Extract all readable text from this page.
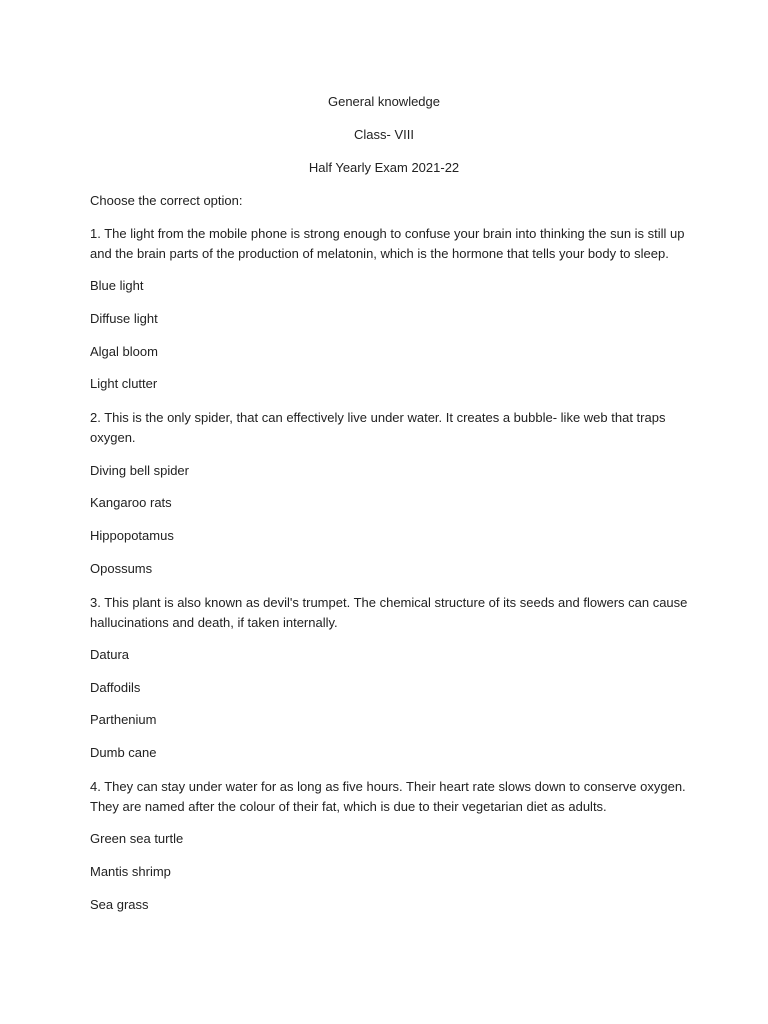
General knowledge
Class- VIII
Half Yearly Exam 2021-22
Choose the correct option:
1. The light from the mobile phone is strong enough to confuse your brain into thinking the sun is still up and the brain parts of the production of melatonin, which is the hormone that tells your body to sleep.
Blue light
Diffuse light
Algal bloom
Light clutter
2. This is the only spider, that can effectively live under water. It creates a bubble- like web that traps oxygen.
Diving bell spider
Kangaroo rats
Hippopotamus
Opossums
3. This plant is also known as devil's trumpet. The chemical structure of its seeds and flowers can cause hallucinations and death, if taken internally.
Datura
Daffodils
Parthenium
Dumb cane
4. They can stay under water for as long as five hours. Their heart rate slows down to conserve oxygen. They are named after the colour of their fat, which is due to their vegetarian diet as adults.
Green sea turtle
Mantis shrimp
Sea grass
